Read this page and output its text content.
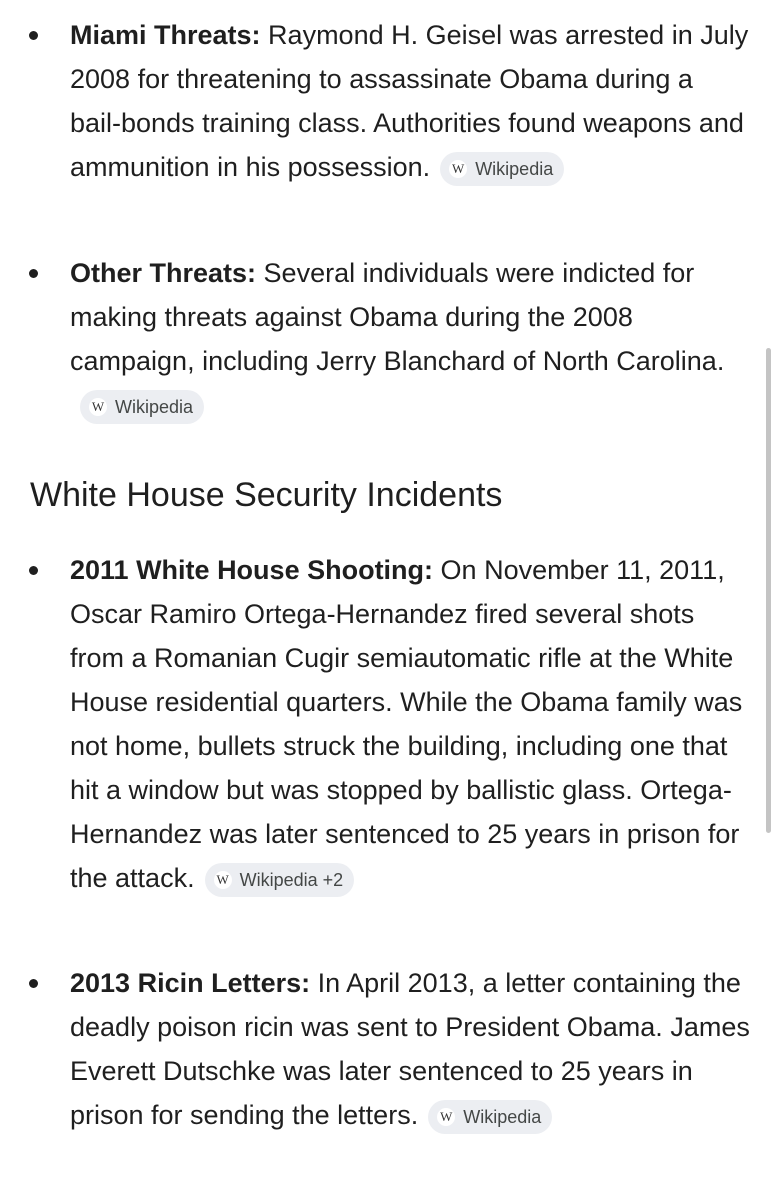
Miami Threats: Raymond H. Geisel was arrested in July 2008 for threatening to assassinate Obama during a bail-bonds training class. Authorities found weapons and ammunition in his possession. W Wikipedia
Other Threats: Several individuals were indicted for making threats against Obama during the 2008 campaign, including Jerry Blanchard of North Carolina.
W Wikipedia
White House Security Incidents
2011 White House Shooting: On November 11, 2011, Oscar Ramiro Ortega-Hernandez fired several shots from a Romanian Cugir semiautomatic rifle at the White House residential quarters. While the Obama family was not home, bullets struck the building, including one that hit a window but was stopped by ballistic glass. Ortega-Hernandez was later sentenced to 25 years in prison for the attack. W Wikipedia +2
2013 Ricin Letters: In April 2013, a letter containing the deadly poison ricin was sent to President Obama. James Everett Dutschke was later sentenced to 25 years in prison for sending the letters. W Wikipedia
